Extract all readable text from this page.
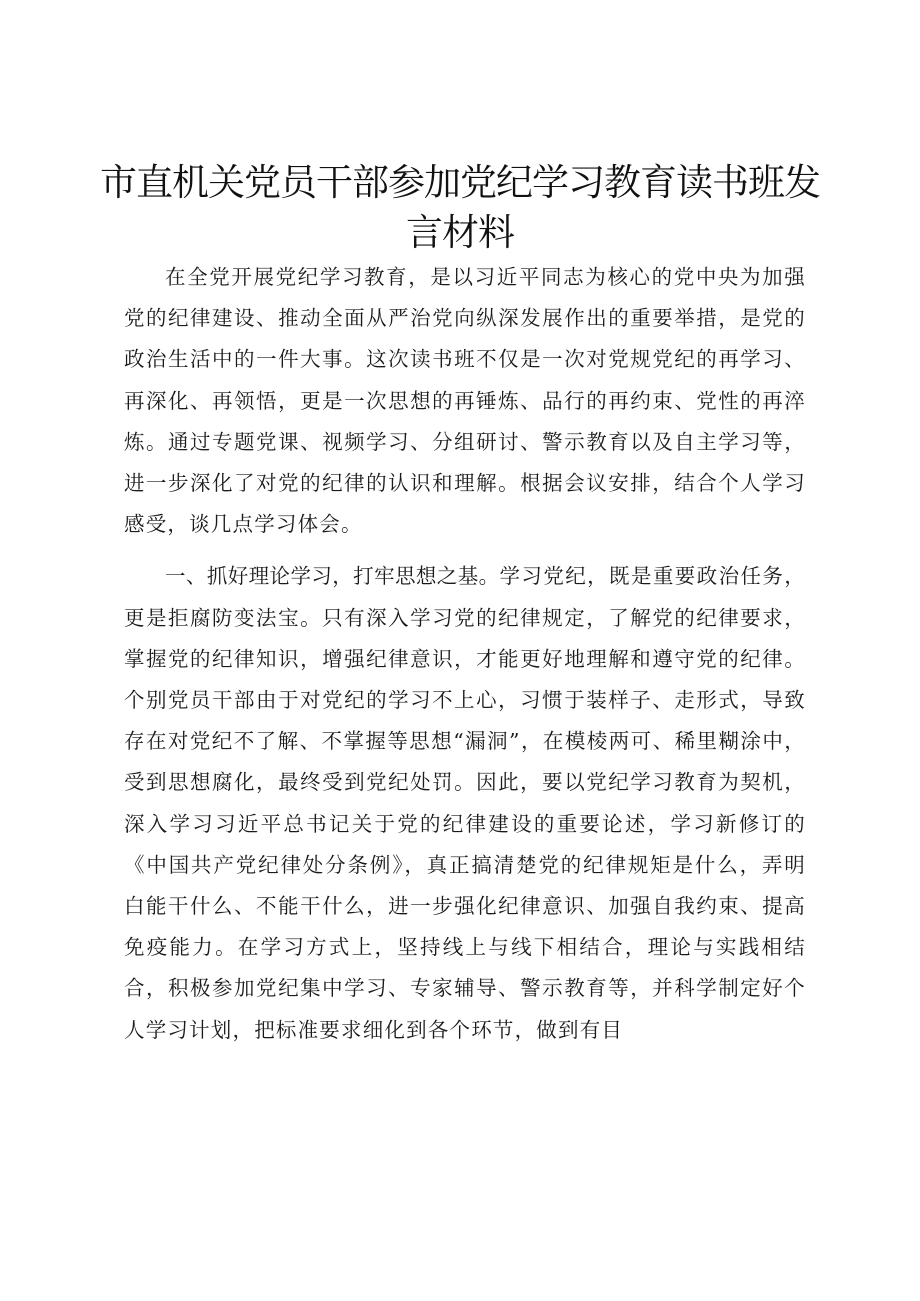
市直机关党员干部参加党纪学习教育读书班发言材料

在全党开展党纪学习教育，是以习近平同志为核心的党中央为加强党的纪律建设、推动全面从严治党向纵深发展作出的重要举措，是党的政治生活中的一件大事。这次读书班不仅是一次对党规党纪的再学习、再深化、再领悟，更是一次思想的再锤炼、品行的再约束、党性的再淬炼。通过专题党课、视频学习、分组研讨、警示教育以及自主学习等，进一步深化了对党的纪律的认识和理解。根据会议安排，结合个人学习感受，谈几点学习体会。

一、抓好理论学习，打牢思想之基。学习党纪，既是重要政治任务，更是拒腐防变法宝。只有深入学习党的纪律规定，了解党的纪律要求，掌握党的纪律知识，增强纪律意识，才能更好地理解和遵守党的纪律。个别党员干部由于对党纪的学习不上心，习惯于装样子、走形式，导致存在对党纪不了解、不掌握等思想“漏洞”，在模棱两可、稀里糊涂中，受到思想腐化，最终受到党纪处罚。因此，要以党纪学习教育为契机，深入学习习近平总书记关于党的纪律建设的重要论述，学习新修订的《中国共产党纪律处分条例》，真正搞清楚党的纪律规矩是什么，弄明白能干什么、不能干什么，进一步强化纪律意识、加强自我约束、提高免疫能力。在学习方式上，坚持线上与线下相结合，理论与实践相结合，积极参加党纪集中学习、专家辅导、警示教育等，并科学制定好个人学习计划，把标准要求细化到各个环节，做到有目
